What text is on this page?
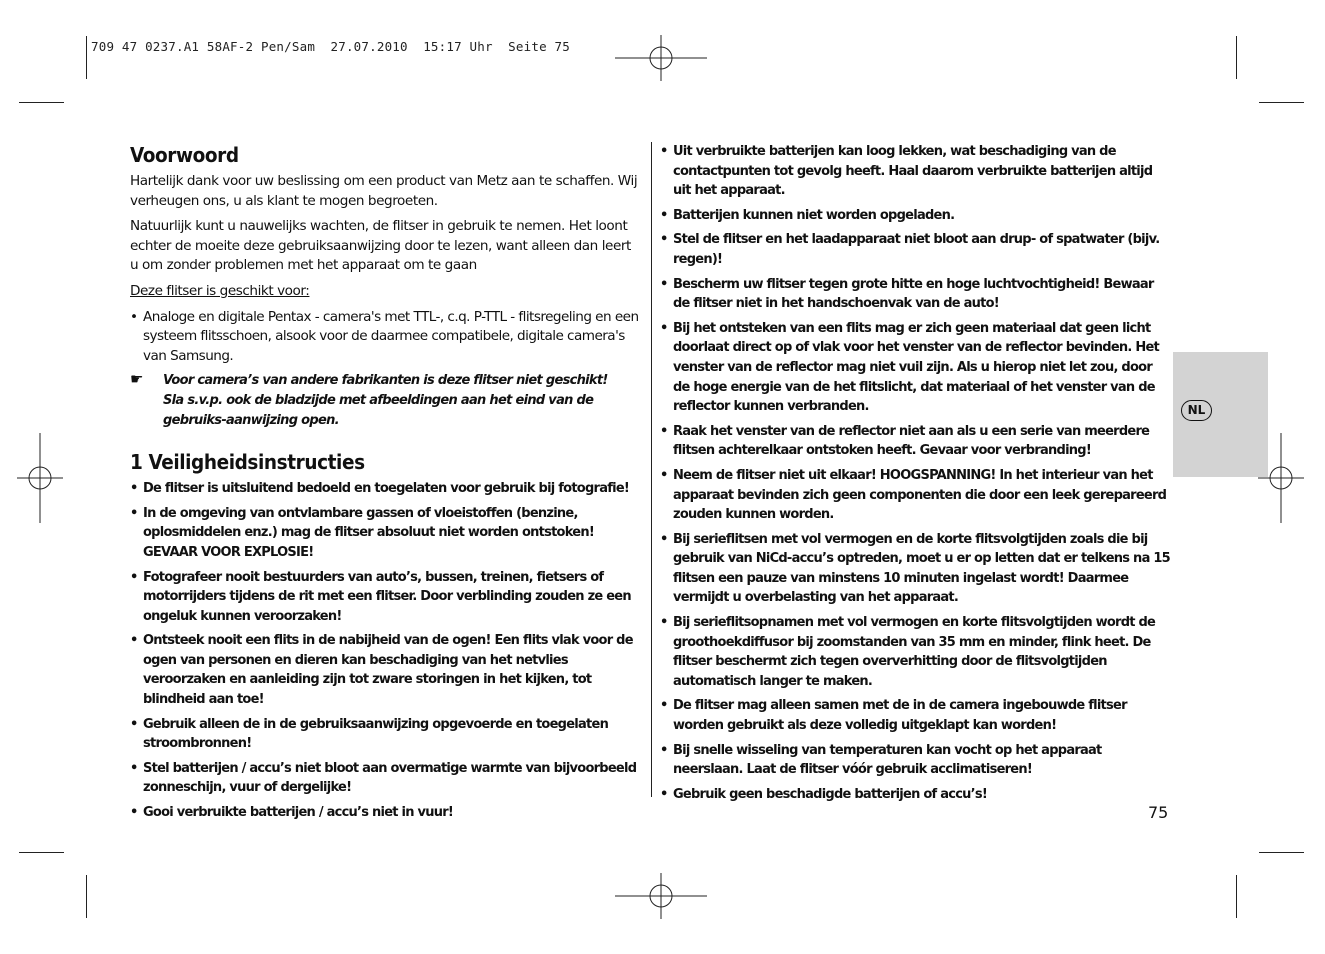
709 47 0237.A1 58AF-2 Pen/Sam  27.07.2010  15:17 Uhr  Seite 75
Voorwoord

Hartelijk dank voor uw beslissing om een product van Metz aan te schaffen. Wij verheugen ons, u als klant te mogen begroeten.

Natuurlijk kunt u nauwelijks wachten, de flitser in gebruik te nemen. Het loont echter de moeite deze gebruiksaanwijzing door te lezen, want alleen dan leert u om zonder problemen met het apparaat om te gaan

Deze flitser is geschikt voor:

• Analoge en digitale Pentax - camera's met TTL-, c.q. P-TTL - flitsregeling en een systeem flitsschoen, alsook voor de daarmee compatibele, digitale camera's van Samsung.
☛ Voor camera’s van andere fabrikanten is deze flitser niet geschikt!
Sla s.v.p. ook de bladzijde met afbeeldingen aan het eind van de gebruiks-aanwijzing open.
1 Veiligheidsinstructies
• De flitser is uitsluitend bedoeld en toegelaten voor gebruik bij fotografie!
• In de omgeving van ontvlambare gassen of vloeistoffen (benzine, oplosmiddelen enz.) mag de flitser absoluut niet worden ontstoken! GEVAAR VOOR EXPLOSIE!
• Fotografeer nooit bestuurders van auto’s, bussen, treinen, fietsers of motorrijders tijdens de rit met een flitser. Door verblinding zouden ze een ongeluk kunnen veroorzaken!
• Ontsteek nooit een flits in de nabijheid van de ogen! Een flits vlak voor de ogen van personen en dieren kan beschadiging van het netvlies veroorzaken en aanleiding zijn tot zware storingen in het kijken, tot blindheid aan toe!
• Gebruik alleen de in de gebruiksaanwijzing opgevoerde en toegelaten stroombronnen!
• Stel batterijen / accu’s niet bloot aan overmatige warmte van bijvoorbeeld zonneschijn, vuur of dergelijke!
• Gooi verbruikte batterijen / accu’s niet in vuur!
• Uit verbruikte batterijen kan loog lekken, wat beschadiging van de contactpunten tot gevolg heeft. Haal daarom verbruikte batterijen altijd uit het apparaat.
• Batterijen kunnen niet worden opgeladen.
• Stel de flitser en het laadapparaat niet bloot aan drup- of spatwater (bijv. regen)!
• Bescherm uw flitser tegen grote hitte en hoge luchtvochtigheid! Bewaar de flitser niet in het handschoenvak van de auto!
• Bij het ontsteken van een flits mag er zich geen materiaal dat geen licht doorlaat direct op of vlak voor het venster van de reflector bevinden. Het venster van de reflector mag niet vuil zijn. Als u hierop niet let zou, door de hoge energie van de het flitslicht, dat materiaal of het venster van de reflector kunnen verbranden.
• Raak het venster van de reflector niet aan als u een serie van meerdere flitsen achterelkaar ontstoken heeft. Gevaar voor verbranding!
• Neem de flitser niet uit elkaar! HOOGSPANNING! In het interieur van het apparaat bevinden zich geen componenten die door een leek gerepareerd zouden kunnen worden.
• Bij serieflitsen met vol vermogen en de korte flitsvolgtijden zoals die bij gebruik van NiCd-accu’s optreden, moet u er op letten dat er telkens na 15 flitsen een pauze van minstens 10 minuten ingelast wordt! Daarmee vermijdt u overbelasting van het apparaat.
• Bij serieflitsopnamen met vol vermogen en korte flitsvolgtijden wordt de groothoekdiffusor bij zoomstanden van 35 mm en minder, flink heet. De flitser beschermt zich tegen oververhitting door de flitsvolgtijden automatisch langer te maken.
• De flitser mag alleen samen met de in de camera ingebouwde flitser worden gebruikt als deze volledig uitgeklapt kan worden!
• Bij snelle wisseling van temperaturen kan vocht op het apparaat neerslaan. Laat de flitser vóór gebruik acclimatiseren!
• Gebruik geen beschadigde batterijen of accu’s!
NL
75
